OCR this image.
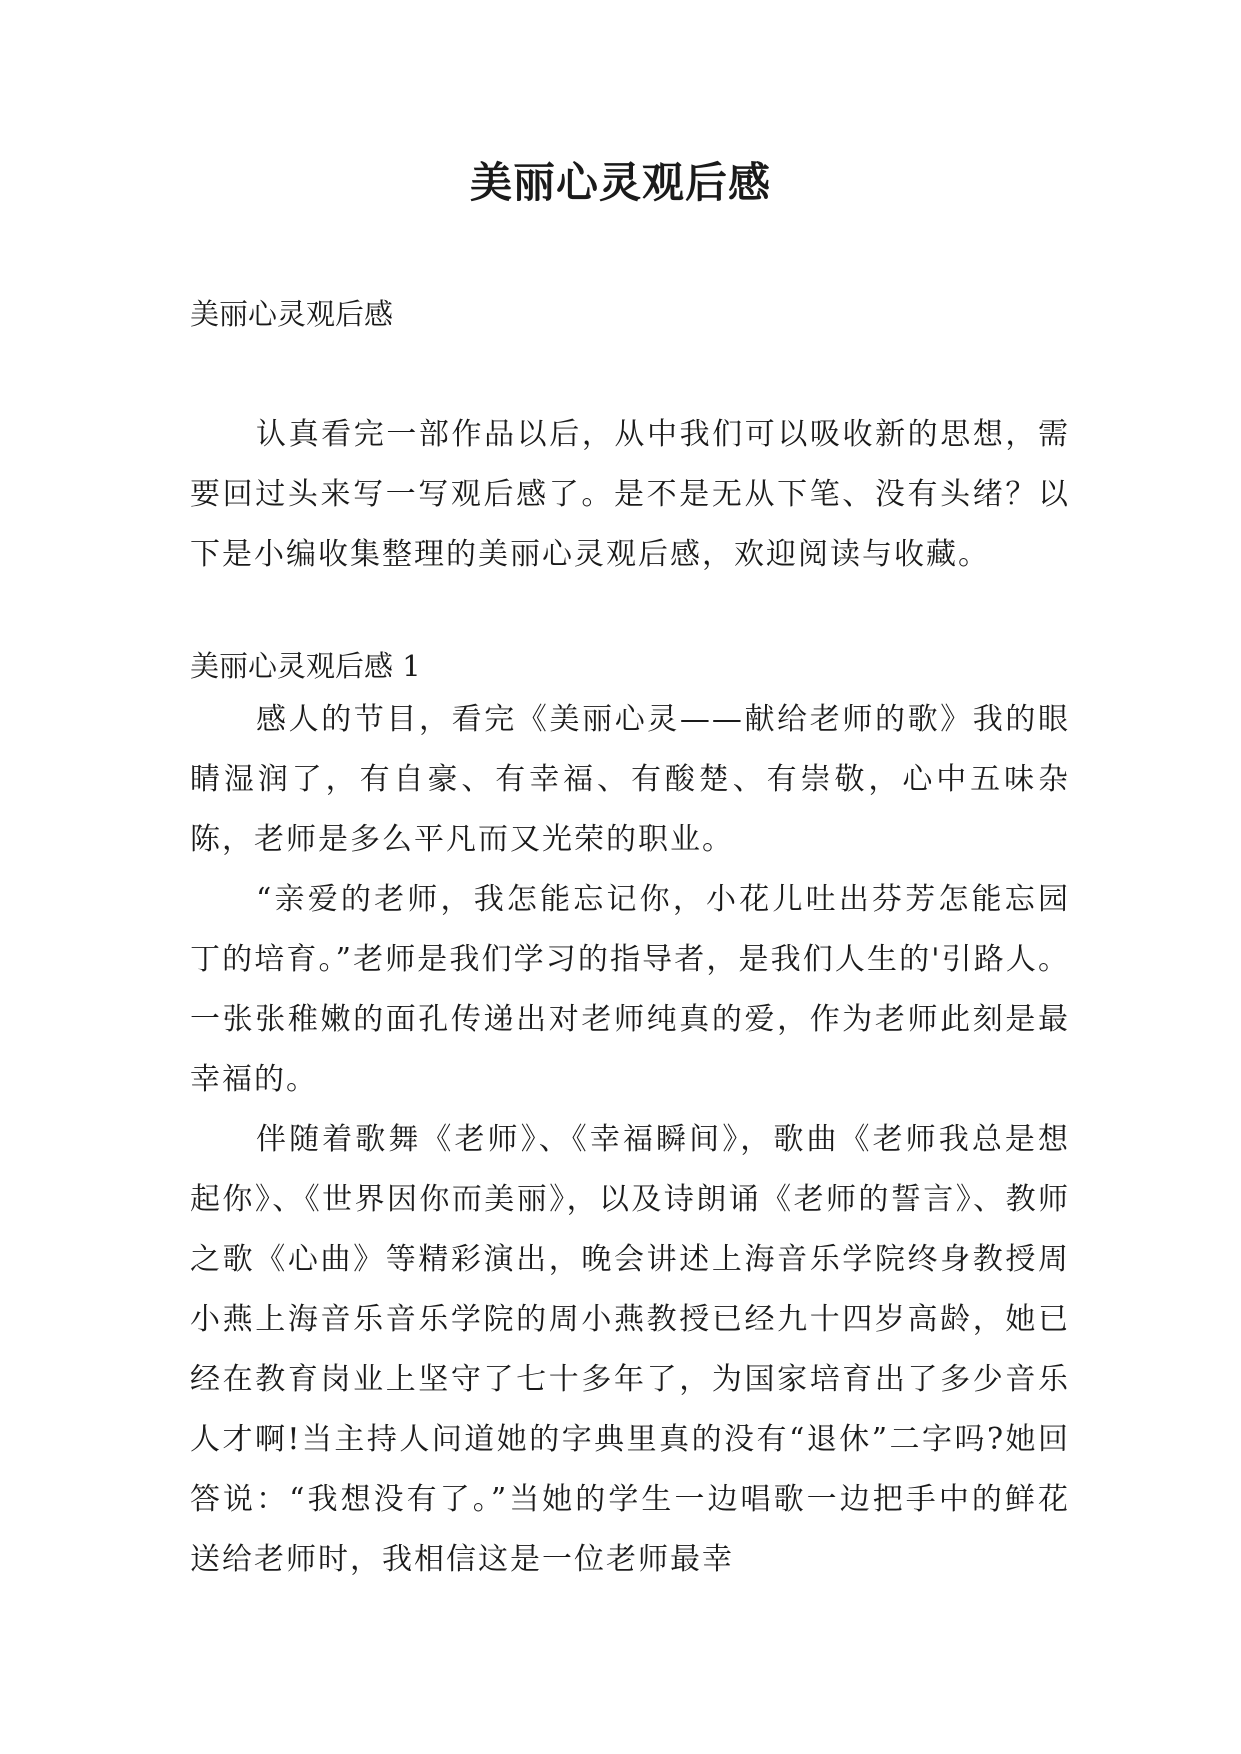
美丽心灵观后感
美丽心灵观后感

认真看完一部作品以后，从中我们可以吸收新的思想，需要回过头来写一写观后感了。是不是无从下笔、没有头绪？以下是小编收集整理的美丽心灵观后感，欢迎阅读与收藏。

美丽心灵观后感 1

感人的节目，看完《美丽心灵——献给老师的歌》我的眼睛湿润了，有自豪、有幸福、有酸楚、有崇敬，心中五味杂陈，老师是多么平凡而又光荣的职业。

“亲爱的老师，我怎能忘记你，小花儿吐出芬芳怎能忘园丁的培育。”老师是我们学习的指导者，是我们人生的'引路人。一张张稚嫩的面孔传递出对老师纯真的爱，作为老师此刻是最幸福的。

伴随着歌舞《老师》、《幸福瞬间》，歌曲《老师我总是想起你》、《世界因你而美丽》，以及诗朗诵《老师的誓言》、教师之歌《心曲》等精彩演出，晚会讲述上海音乐学院终身教授周小燕上海音乐音乐学院的周小燕教授已经九十四岁高龄，她已经在教育岗业上坚守了七十多年了，为国家培育出了多少音乐人才啊!当主持人问道她的字典里真的没有“退休”二字吗?她回答说：“我想没有了。”当她的学生一边唱歌一边把手中的鲜花送给老师时，我相信这是一位老师最幸
